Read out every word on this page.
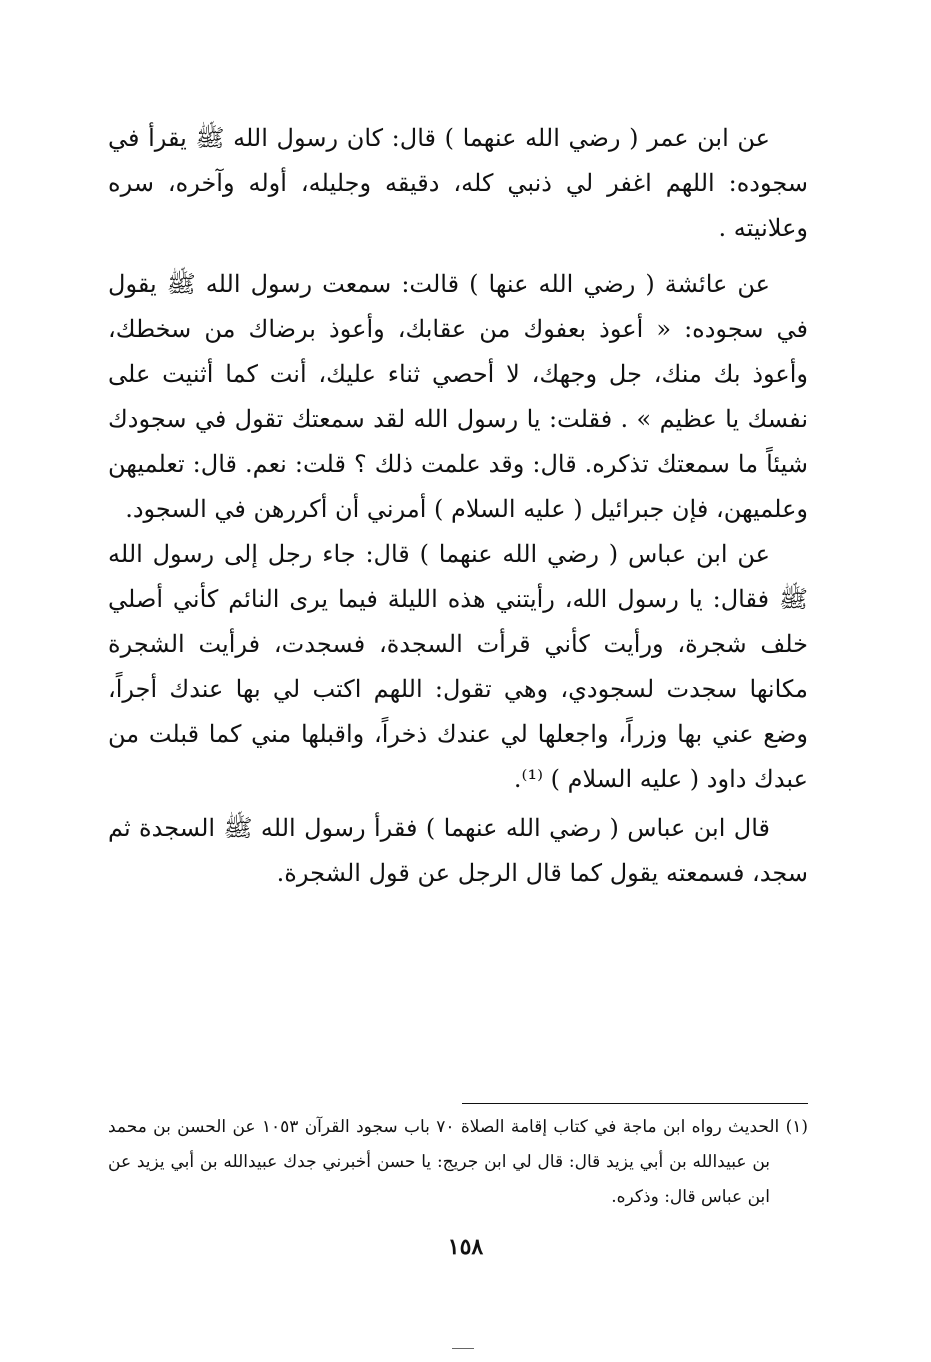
عن ابن عمر ( رضي الله عنهما ) قال: كان رسول الله ﷺ يقرأ في سجوده: اللهم اغفر لي ذنبي كله، دقيقه وجليله، أوله وآخره، سره وعلانيته .

عن عائشة ( رضي الله عنها ) قالت: سمعت رسول الله ﷺ يقول في سجوده: « أعوذ بعفوك من عقابك، وأعوذ برضاك من سخطك، وأعوذ بك منك، جل وجهك، لا أحصي ثناء عليك، أنت كما أثنيت على نفسك يا عظيم » . فقلت: يا رسول الله لقد سمعتك تقول في سجودك شيئاً ما سمعتك تذكره. قال: وقد علمت ذلك ؟ قلت: نعم. قال: تعلميهن وعلميهن، فإن جبرائيل ( عليه السلام ) أمرني أن أكررهن في السجود.

عن ابن عباس ( رضي الله عنهما ) قال: جاء رجل إلى رسول الله ﷺ فقال: يا رسول الله، رأيتني هذه الليلة فيما يرى النائم كأني أصلي خلف شجرة، ورأيت كأني قرأت السجدة، فسجدت، فرأيت الشجرة مكانها سجدت لسجودي، وهي تقول: اللهم اكتب لي بها عندك أجراً، وضع عني بها وزراً، واجعلها لي عندك ذخراً، واقبلها مني كما قبلت من عبدك داود ( عليه السلام ) ⁽¹⁾.

قال ابن عباس ( رضي الله عنهما ) فقرأ رسول الله ﷺ السجدة ثم سجد، فسمعته يقول كما قال الرجل عن قول الشجرة.

(١) الحديث رواه ابن ماجة في كتاب إقامة الصلاة ٧٠ باب سجود القرآن ١٠٥٣ عن الحسن بن محمد بن عبيدالله بن أبي يزيد قال: قال لي ابن جريج: يا حسن أخبرني جدك عبيدالله بن أبي يزيد عن ابن عباس قال: وذكره.

١٥٨
